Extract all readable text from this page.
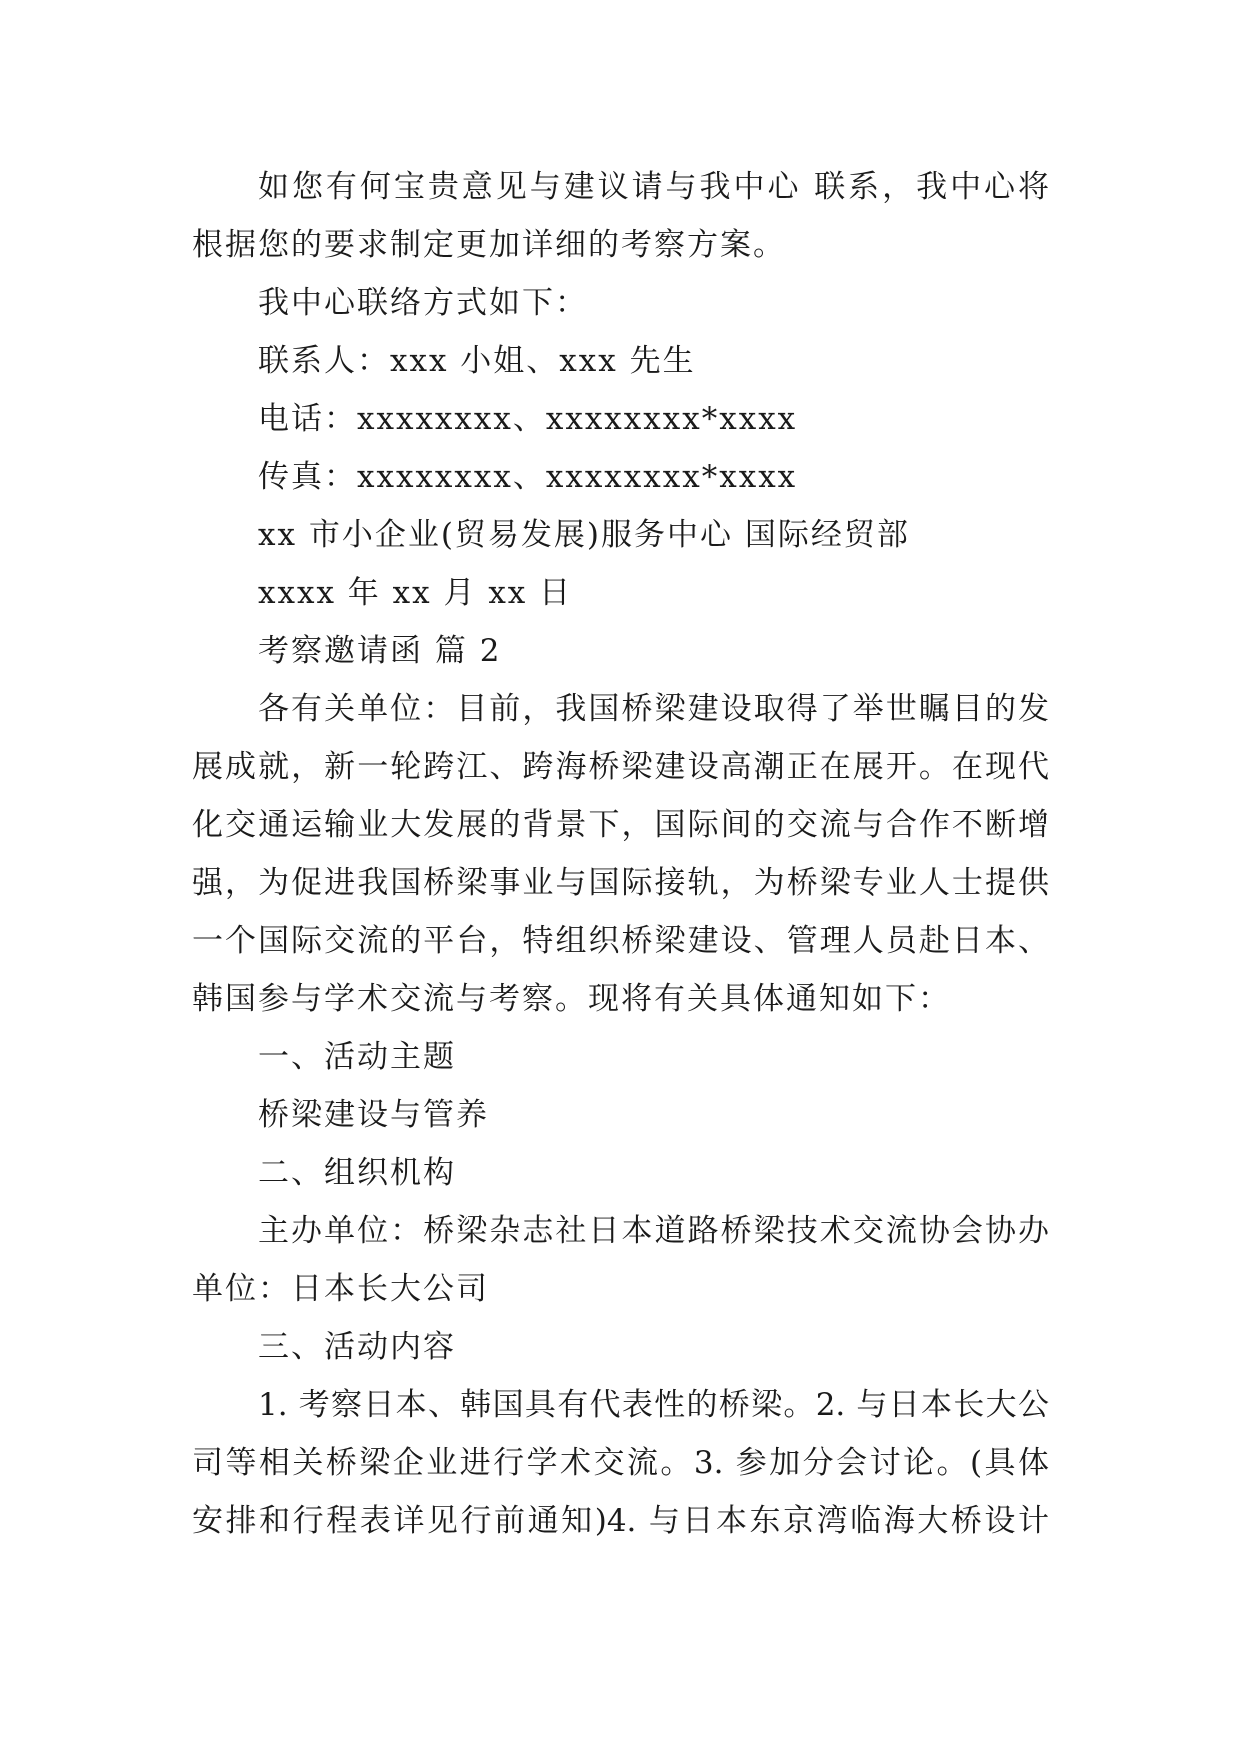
如您有何宝贵意见与建议请与我中心 联系，我中心将
根据您的要求制定更加详细的考察方案。
我中心联络方式如下：
联系人：xxx 小姐、xxx 先生
电话：xxxxxxxx、xxxxxxxx*xxxx
传真：xxxxxxxx、xxxxxxxx*xxxx
xx 市小企业(贸易发展)服务中心 国际经贸部
xxxx 年 xx 月 xx 日
考察邀请函 篇 2
各有关单位：目前，我国桥梁建设取得了举世瞩目的发
展成就，新一轮跨江、跨海桥梁建设高潮正在展开。在现代
化交通运输业大发展的背景下，国际间的交流与合作不断增
强，为促进我国桥梁事业与国际接轨，为桥梁专业人士提供
一个国际交流的平台，特组织桥梁建设、管理人员赴日本、
韩国参与学术交流与考察。现将有关具体通知如下：
一、活动主题
桥梁建设与管养
二、组织机构
主办单位：桥梁杂志社日本道路桥梁技术交流协会协办
单位：日本长大公司
三、活动内容
1. 考察日本、韩国具有代表性的桥梁。2. 与日本长大公
司等相关桥梁企业进行学术交流。3. 参加分会讨论。(具体
安排和行程表详见行前通知)4. 与日本东京湾临海大桥设计
